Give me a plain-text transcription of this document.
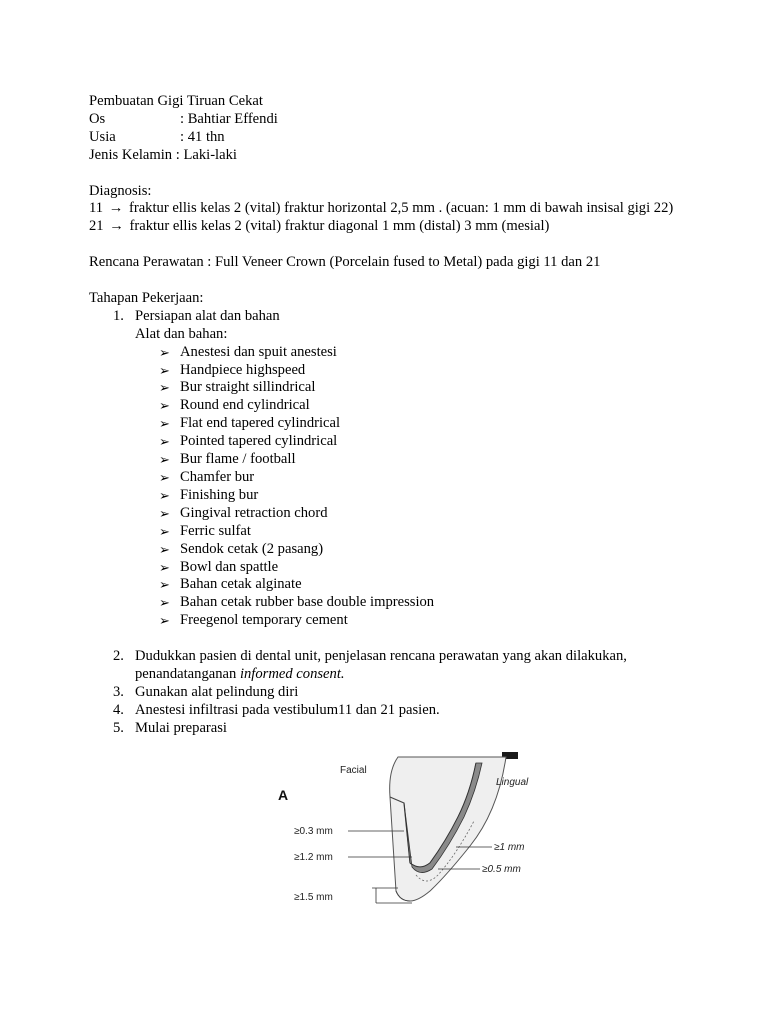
Pembuatan Gigi Tiruan Cekat
Os	: Bahtiar Effendi
Usia	: 41 thn
Jenis Kelamin : Laki-laki
Diagnosis:
11 → fraktur ellis kelas 2 (vital) fraktur horizontal 2,5 mm . (acuan: 1 mm di bawah insisal gigi 22)
21 → fraktur ellis kelas 2 (vital) fraktur diagonal 1 mm (distal) 3 mm (mesial)
Rencana Perawatan : Full Veneer Crown (Porcelain fused to Metal) pada gigi 11 dan 21
Tahapan Pekerjaan:
1. Persiapan alat dan bahan
Alat dan bahan:
➢ Anestesi dan spuit anestesi
➢ Handpiece highspeed
➢ Bur straight sillindrical
➢ Round end cylindrical
➢ Flat end tapered cylindrical
➢ Pointed tapered cylindrical
➢ Bur flame / football
➢ Chamfer bur
➢ Finishing bur
➢ Gingival retraction chord
➢ Ferric sulfat
➢ Sendok cetak (2 pasang)
➢ Bowl dan spattle
➢ Bahan cetak alginate
➢ Bahan cetak rubber base double impression
➢ Freegenol temporary cement
2. Dudukkan pasien di dental unit, penjelasan rencana perawatan yang akan dilakukan,
penandatanganan informed consent.
3. Gunakan alat pelindung diri
4. Anestesi infiltrasi pada vestibulum11 dan 21 pasien.
5. Mulai preparasi
A
Facial
Lingual
≥0.3 mm
≥1.2 mm
≥1.5 mm
≥1 mm
≥0.5 mm
